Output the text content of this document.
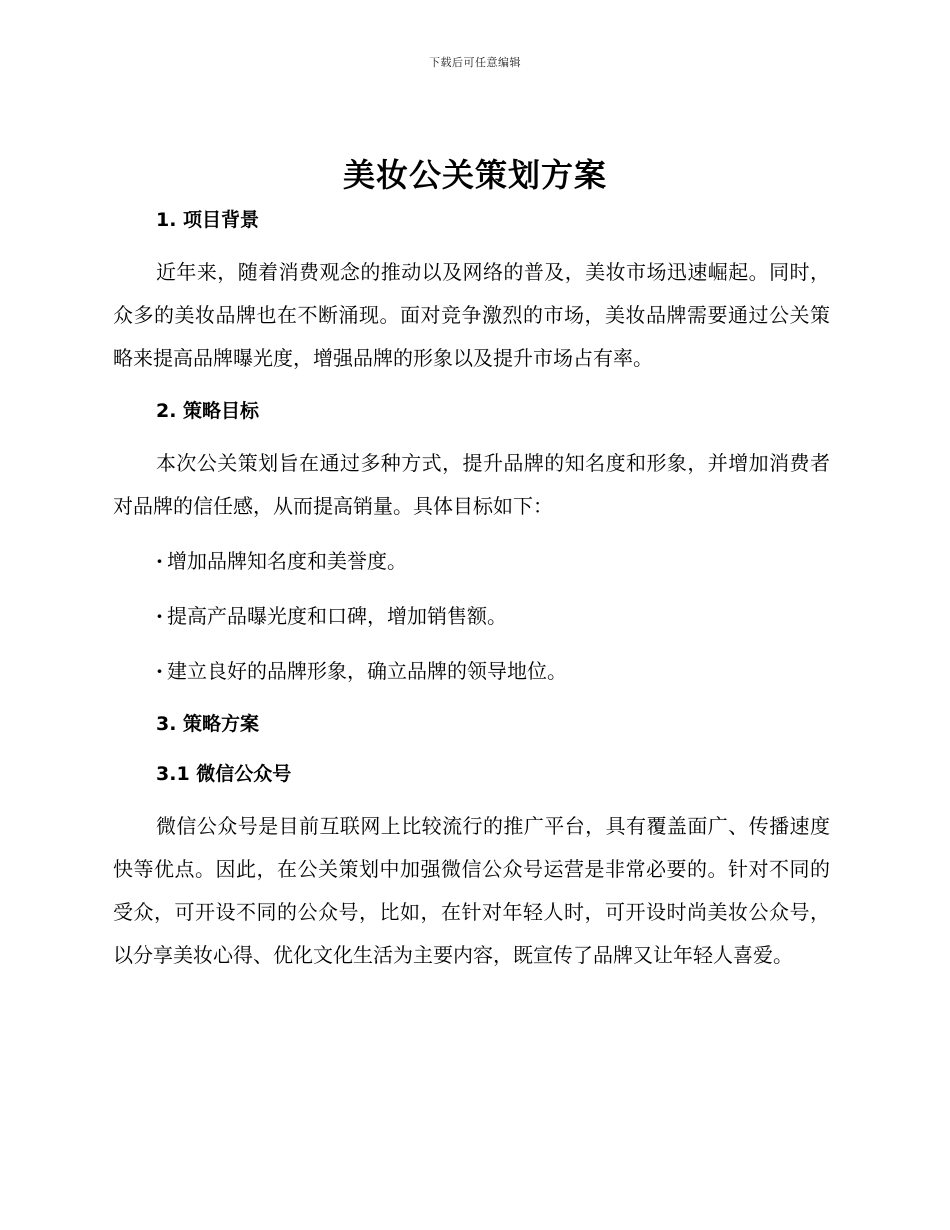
下载后可任意编辑
美妆公关策划方案

1. 项目背景

近年来，随着消费观念的推动以及网络的普及，美妆市场迅速崛起。同时，众多的美妆品牌也在不断涌现。面对竞争激烈的市场，美妆品牌需要通过公关策略来提高品牌曝光度，增强品牌的形象以及提升市场占有率。

2. 策略目标

本次公关策划旨在通过多种方式，提升品牌的知名度和形象，并增加消费者对品牌的信任感，从而提高销量。具体目标如下：

· 增加品牌知名度和美誉度。

· 提高产品曝光度和口碑，增加销售额。

· 建立良好的品牌形象，确立品牌的领导地位。

3. 策略方案

3.1 微信公众号

微信公众号是目前互联网上比较流行的推广平台，具有覆盖面广、传播速度快等优点。因此，在公关策划中加强微信公众号运营是非常必要的。针对不同的受众，可开设不同的公众号，比如，在针对年轻人时，可开设时尚美妆公众号，以分享美妆心得、优化文化生活为主要内容，既宣传了品牌又让年轻人喜爱。
